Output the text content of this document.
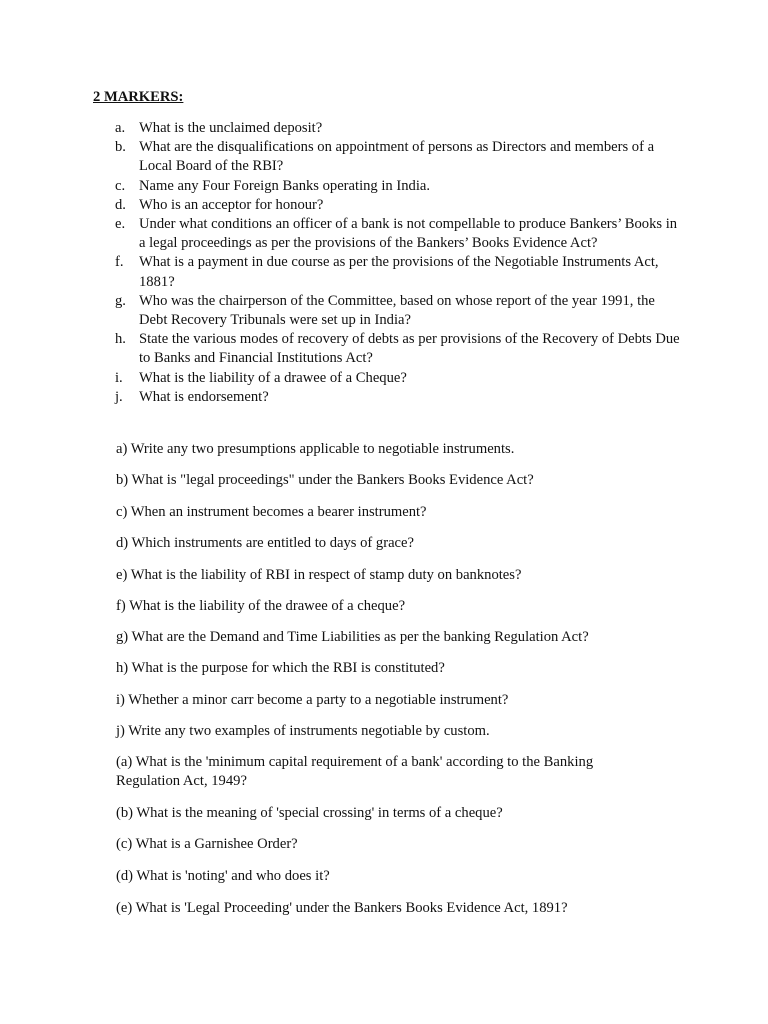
2 MARKERS:
a. What is the unclaimed deposit?
b. What are the disqualifications on appointment of persons as Directors and members of a Local Board of the RBI?
c. Name any Four Foreign Banks operating in India.
d. Who is an acceptor for honour?
e. Under what conditions an officer of a bank is not compellable to produce Bankers’ Books in a legal proceedings as per the provisions of the Bankers’ Books Evidence Act?
f. What is a payment in due course as per the provisions of the Negotiable Instruments Act, 1881?
g. Who was the chairperson of the Committee, based on whose report of the year 1991, the Debt Recovery Tribunals were set up in India?
h. State the various modes of recovery of debts as per provisions of the Recovery of Debts Due to Banks and Financial Institutions Act?
i. What is the liability of a drawee of a Cheque?
j. What is endorsement?

a) Write any two presumptions applicable to negotiable instruments.

b) What is "legal proceedings" under the Bankers Books Evidence Act?

c) When an instrument becomes a bearer instrument?

d) Which instruments are entitled to days of grace?

e) What is the liability of RBI in respect of stamp duty on banknotes?

f) What is the liability of the drawee of a cheque?

g) What are the Demand and Time Liabilities as per the banking Regulation Act?

h) What is the purpose for which the RBI is constituted?

i) Whether a minor carr become a party to a negotiable instrument?

j) Write any two examples of instruments negotiable by custom.

(a) What is the 'minimum capital requirement of a bank' according to the Banking Regulation Act, 1949?

(b) What is the meaning of 'special crossing' in terms of a cheque?

(c) What is a Garnishee Order?

(d) What is 'noting' and who does it?

(e) What is 'Legal Proceeding' under the Bankers Books Evidence Act, 1891?
